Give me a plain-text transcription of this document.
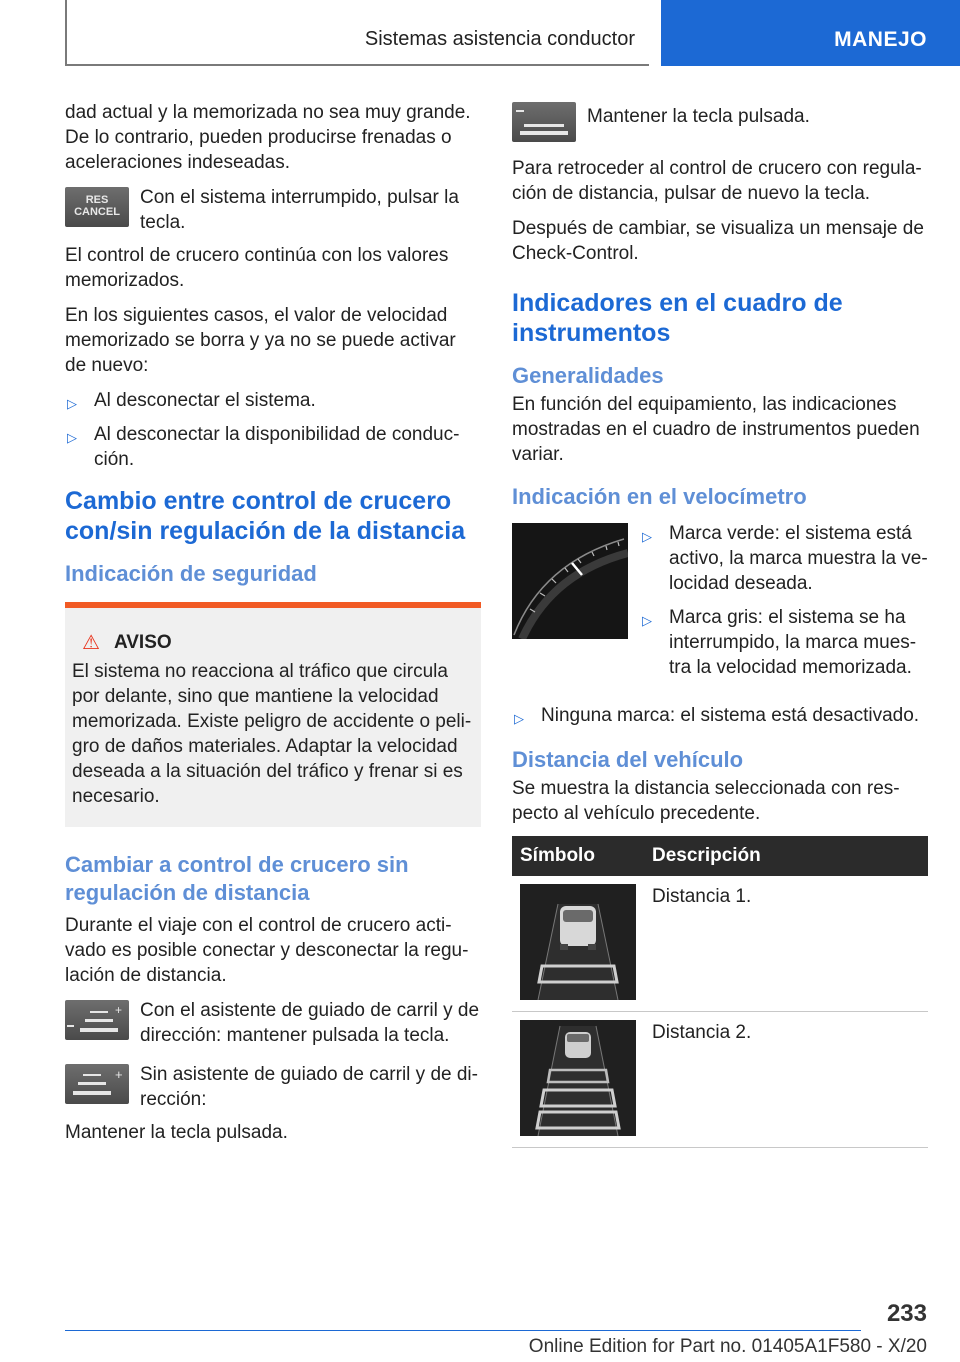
Sistemas asistencia conductor	MANEJO

dad actual y la memorizada no sea muy grande. De lo contrario, pueden producirse frenadas o aceleraciones indeseadas.

RES
CANCEL
Con el sistema interrumpido, pulsar la tecla.

El control de crucero continúa con los valores memorizados.

En los siguientes casos, el valor de velocidad memorizado se borra y ya no se puede activar de nuevo:

▷ Al desconectar el sistema.
▷ Al desconectar la disponibilidad de conduc‐ción.
Cambio entre control de crucero con/sin regulación de la distancia
Indicación de seguridad
⚠ AVISO
El sistema no reacciona al tráfico que circula por delante, sino que mantiene la velocidad memorizada. Existe peligro de accidente o peli‐gro de daños materiales. Adaptar la velocidad deseada a la situación del tráfico y frenar si es necesario.
Cambiar a control de crucero sin regulación de distancia

Durante el viaje con el control de crucero acti‐vado es posible conectar y desconectar la regu‐lación de distancia.

+ Con el asistente de guiado de carril y de dirección: mantener pulsada la tecla.
+ Sin asistente de guiado de carril y de di‐rección:

Mantener la tecla pulsada.

Mantener la tecla pulsada.

Para retroceder al control de crucero con regula‐ción de distancia, pulsar de nuevo la tecla.

Después de cambiar, se visualiza un mensaje de Check-Control.

Indicadores en el cuadro de instrumentos
Generalidades

En función del equipamiento, las indicaciones mostradas en el cuadro de instrumentos pueden variar.

Indicación en el velocímetro
▷ Marca verde: el sistema está activo, la marca muestra la ve‐locidad deseada.
▷ Marca gris: el sistema se ha interrumpido, la marca mues‐tra la velocidad memorizada.
▷ Ninguna marca: el sistema está desactivado.
Distancia del vehículo

Se muestra la distancia seleccionada con res‐pecto al vehículo precedente.

Símbolo	Descripción

	Distancia 1.

	Distancia 2.
233
Online Edition for Part no. 01405A1F580 - X/20
